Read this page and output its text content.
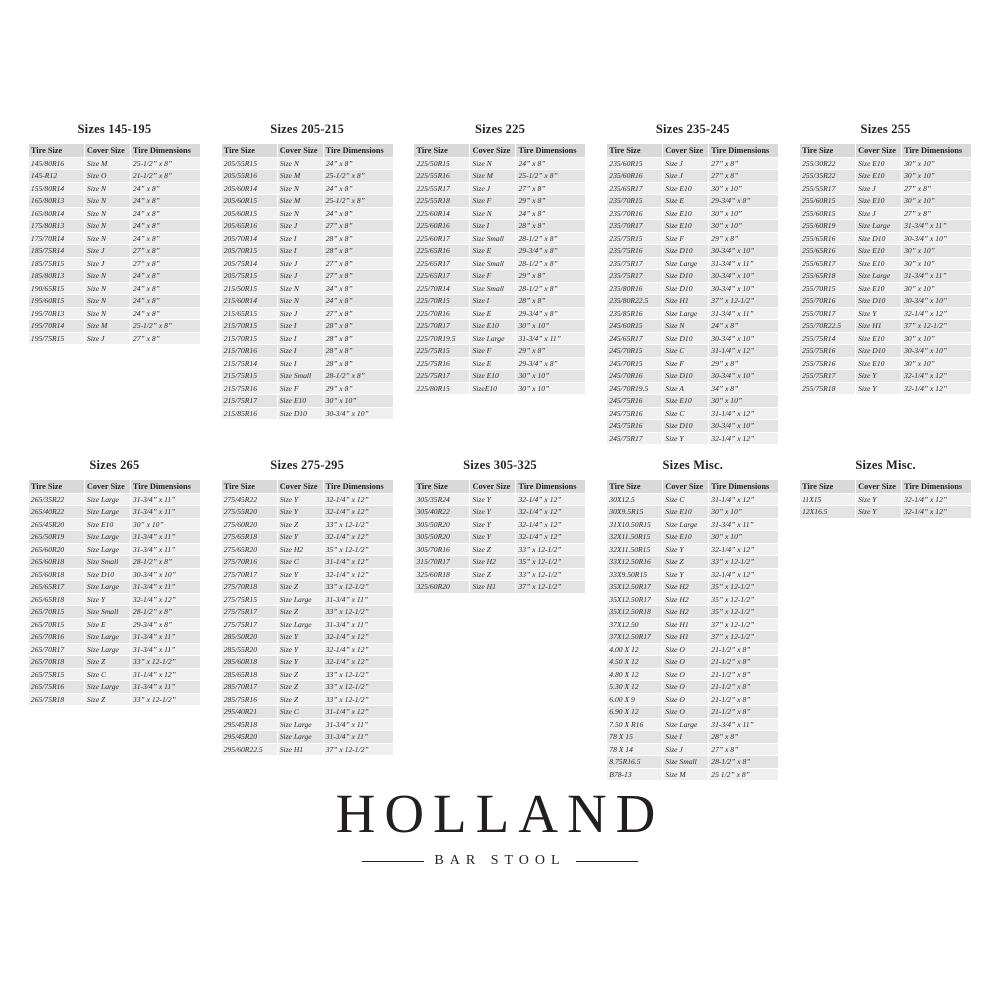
Sizes 145-195
Tire Size	Cover Size	Tire Dimensions
145/80R16	Size M	25-1/2” x 8”
145-R12	Size O	21-1/2” x 8”
155/80R14	Size N	24” x 8”
165/80R13	Size N	24” x 8”
165/80R14	Size N	24” x 8”
175/80R13	Size N	24” x 8”
175/70R14	Size N	24” x 8”
185/75R14	Size J	27” x 8”
185/75R15	Size J	27” x 8”
185/80R13	Size N	24” x 8”
190/65R15	Size N	24” x 8”
195/60R15	Size N	24” x 8”
195/70R13	Size N	24” x 8”
195/70R14	Size M	25-1/2” x 8”
195/75R15	Size J	27” x 8”
Sizes 205-215
Tire Size	Cover Size	Tire Dimensions
205/55R15	Size N	24” x 8”
205/55R16	Size M	25-1/2” x 8”
205/60R14	Size N	24” x 8”
205/60R15	Size M	25-1/2” x 8”
205/60R15	Size N	24” x 8”
205/65R16	Size J	27” x 8”
205/70R14	Size I	28” x 8”
205/70R15	Size I	28” x 8”
205/75R14	Size J	27” x 8”
205/75R15	Size J	27” x 8”
215/50R15	Size N	24” x 8”
215/60R14	Size N	24” x 8”
215/65R15	Size J	27” x 8”
215/70R15	Size I	28” x 8”
215/70R15	Size I	28” x 8”
215/70R16	Size I	28” x 8”
215/75R14	Size I	28” x 8”
215/75R15	Size Small	28-1/2” x 8”
215/75R16	Size F	29” x 8”
215/75R17	Size E10	30” x 10”
215/85R16	Size D10	30-3/4” x 10”
Sizes 225
Tire Size	Cover Size	Tire Dimensions
225/50R15	Size N	24” x 8”
225/55R16	Size M	25-1/2” x 8”
225/55R17	Size J	27” x 8”
225/55R18	Size F	29” x 8”
225/60R14	Size N	24” x 8”
225/60R16	Size I	28” x 8”
225/60R17	Size Small	28-1/2” x 8”
225/65R16	Size E	29-3/4” x 8”
225/65R17	Size Small	28-1/2” x 8”
225/65R17	Size F	29” x 8”
225/70R14	Size Small	28-1/2” x 8”
225/70R15	Size I	28” x 8”
225/70R16	Size E	29-3/4” x 8”
225/70R17	Size E10	30” x 10”
225/70R19.5	Size Large	31-3/4” x 11”
225/75R15	Size F	29” x 8”
225/75R16	Size E	29-3/4” x 8”
225/75R17	Size E10	30” x 10”
225/80R15	SizeE10	30” x 10”
Sizes 235-245
Tire Size	Cover Size	Tire Dimensions
235/60R15	Size J	27” x 8”
235/60R16	Size J	27” x 8”
235/65R17	Size E10	30” x 10”
235/70R15	Size E	29-3/4” x 8”
235/70R16	Size E10	30” x 10”
235/70R17	Size E10	30” x 10”
235/75R15	Size F	29” x 8”
235/75R16	Size D10	30-3/4” x 10”
235/75R17	Size Large	31-3/4” x 11”
235/75R17	Size D10	30-3/4” x 10”
235/80R16	Size D10	30-3/4” x 10”
235/80R22.5	Size H1	37” x 12-1/2”
235/85R16	Size Large	31-3/4” x 11”
245/60R15	Size N	24” x 8”
245/65R17	Size D10	30-3/4” x 10”
245/70R15	Size C	31-1/4” x 12”
245/70R15	Size F	29” x 8”
245/70R16	Size D10	30-3/4” x 10”
245/70R19.5	Size A	34” x 8”
245/75R16	Size E10	30” x 10”
245/75R16	Size C	31-1/4” x 12”
245/75R16	Size D10	30-3/4” x 10”
245/75R17	Size Y	32-1/4” x 12”
Sizes 255
Tire Size	Cover Size	Tire Dimensions
255/30R22	Size E10	30” x 10”
255/35R22	Size E10	30” x 10”
255/55R17	Size J	27” x 8”
255/60R15	Size E10	30” x 10”
255/60R15	Size J	27” x 8”
255/60R19	Size Large	31-3/4” x 11”
255/65R16	Size D10	30-3/4” x 10”
255/65R16	Size E10	30” x 10”
255/65R17	Size E10	30” x 10”
255/65R18	Size Large	31-3/4” x 11”
255/70R15	Size E10	30” x 10”
255/70R16	Size D10	30-3/4” x 10”
255/70R17	Size Y	32-1/4” x 12”
255/70R22.5	Size H1	37” x 12-1/2”
255/75R14	Size E10	30” x 10”
255/75R16	Size D10	30-3/4” x 10”
255/75R16	Size E10	30” x 10”
255/75R17	Size Y	32-1/4” x 12”
255/75R18	Size Y	32-1/4” x 12”
Sizes 265
Tire Size	Cover Size	Tire Dimensions
265/35R22	Size Large	31-3/4” x 11”
265/40R22	Size Large	31-3/4” x 11”
265/45R20	Size E10	30” x 10”
265/50R19	Size Large	31-3/4” x 11”
265/60R20	Size Large	31-3/4” x 11”
265/60R18	Size Small	28-1/2” x 8”
265/60R18	Size D10	30-3/4” x 10”
265/65R17	Size Large	31-3/4” x 11”
265/65R18	Size Y	32-1/4” x 12”
265/70R15	Size Small	28-1/2” x 8”
265/70R15	Size E	29-3/4” x 8”
265/70R16	Size Large	31-3/4” x 11”
265/70R17	Size Large	31-3/4” x 11”
265/70R18	Size Z	33” x 12-1/2”
265/75R15	Size C	31-1/4” x 12”
265/75R16	Size Large	31-3/4” x 11”
265/75R18	Size Z	33” x 12-1/2”
Sizes 275-295
Tire Size	Cover Size	Tire Dimensions
275/45R22	Size Y	32-1/4” x 12”
275/55R20	Size Y	32-1/4” x 12”
275/60R20	Size Z	33” x 12-1/2”
275/65R18	Size Y	32-1/4” x 12”
275/65R20	Size H2	35” x 12-1/2”
275/70R16	Size C	31-1/4” x 12”
275/70R17	Size Y	32-1/4” x 12”
275/70R18	Size Z	33” x 12-1/2”
275/75R15	Size Large	31-3/4” x 11”
275/75R17	Size Z	33” x 12-1/2”
275/75R17	Size Large	31-3/4” x 11”
285/50R20	Size Y	32-1/4” x 12”
285/55R20	Size Y	32-1/4” x 12”
285/60R18	Size Y	32-1/4” x 12”
285/65R18	Size Z	33” x 12-1/2”
285/70R17	Size Z	33” x 12-1/2”
285/75R16	Size Z	33” x 12-1/2”
295/40R21	Size C	31-1/4” x 12”
295/45R18	Size Large	31-3/4” x 11”
295/45R20	Size Large	31-3/4” x 11”
295/60R22.5	Size H1	37” x 12-1/2”
Sizes 305-325
Tire Size	Cover Size	Tire Dimensions
305/35R24	Size Y	32-1/4” x 12”
305/40R22	Size Y	32-1/4” x 12”
305/50R20	Size Y	32-1/4” x 12”
305/50R20	Size Y	32-1/4” x 12”
305/70R16	Size Z	33” x 12-1/2”
315/70R17	Size H2	35” x 12-1/2”
325/60R18	Size Z	33” x 12-1/2”
325/60R20	Size H1	37” x 12-1/2”
Sizes Misc.
Tire Size	Cover Size	Tire Dimensions
30X12.5	Size C	31-1/4” x 12”
30X9.5R15	Size E10	30” x 10”
31X10.50R15	Size Large	31-3/4” x 11”
32X11.50R15	Size E10	30” x 10”
32X11.50R15	Size Y	32-1/4” x 12”
33X12.50R16	Size Z	33” x 12-1/2”
33X9.50R15	Size Y	32-1/4” x 12”
35X12.50R17	Size H2	35” x 12-1/2”
35X12.50R17	Size H2	35” x 12-1/2”
35X12.50R18	Size H2	35” x 12-1/2”
37X12.50	Size H1	37” x 12-1/2”
37X12.50R17	Size H1	37” x 12-1/2”
4.00 X 12	Size O	21-1/2” x 8”
4.50 X 12	Size O	21-1/2” x 8”
4.80 X 12	Size O	21-1/2” x 8”
5.30 X 12	Size O	21-1/2” x 8”
6.00 X 9	Size O	21-1/2” x 8”
6.90 X 12	Size O	21-1/2” x 8”
7.50 X R16	Size Large	31-3/4” x 11”
78 X 15	Size I	28” x 8”
78 X 14	Size J	27” x 8”
8.75R16.5	Size Small	28-1/2” x 8”
B78-13	Size M	25 1/2” x 8”
Sizes Misc.
Tire Size	Cover Size	Tire Dimensions
11X15	Size Y	32-1/4” x 12”
12X16.5	Size Y	32-1/4” x 12”
HOLLAND
BAR STOOL
